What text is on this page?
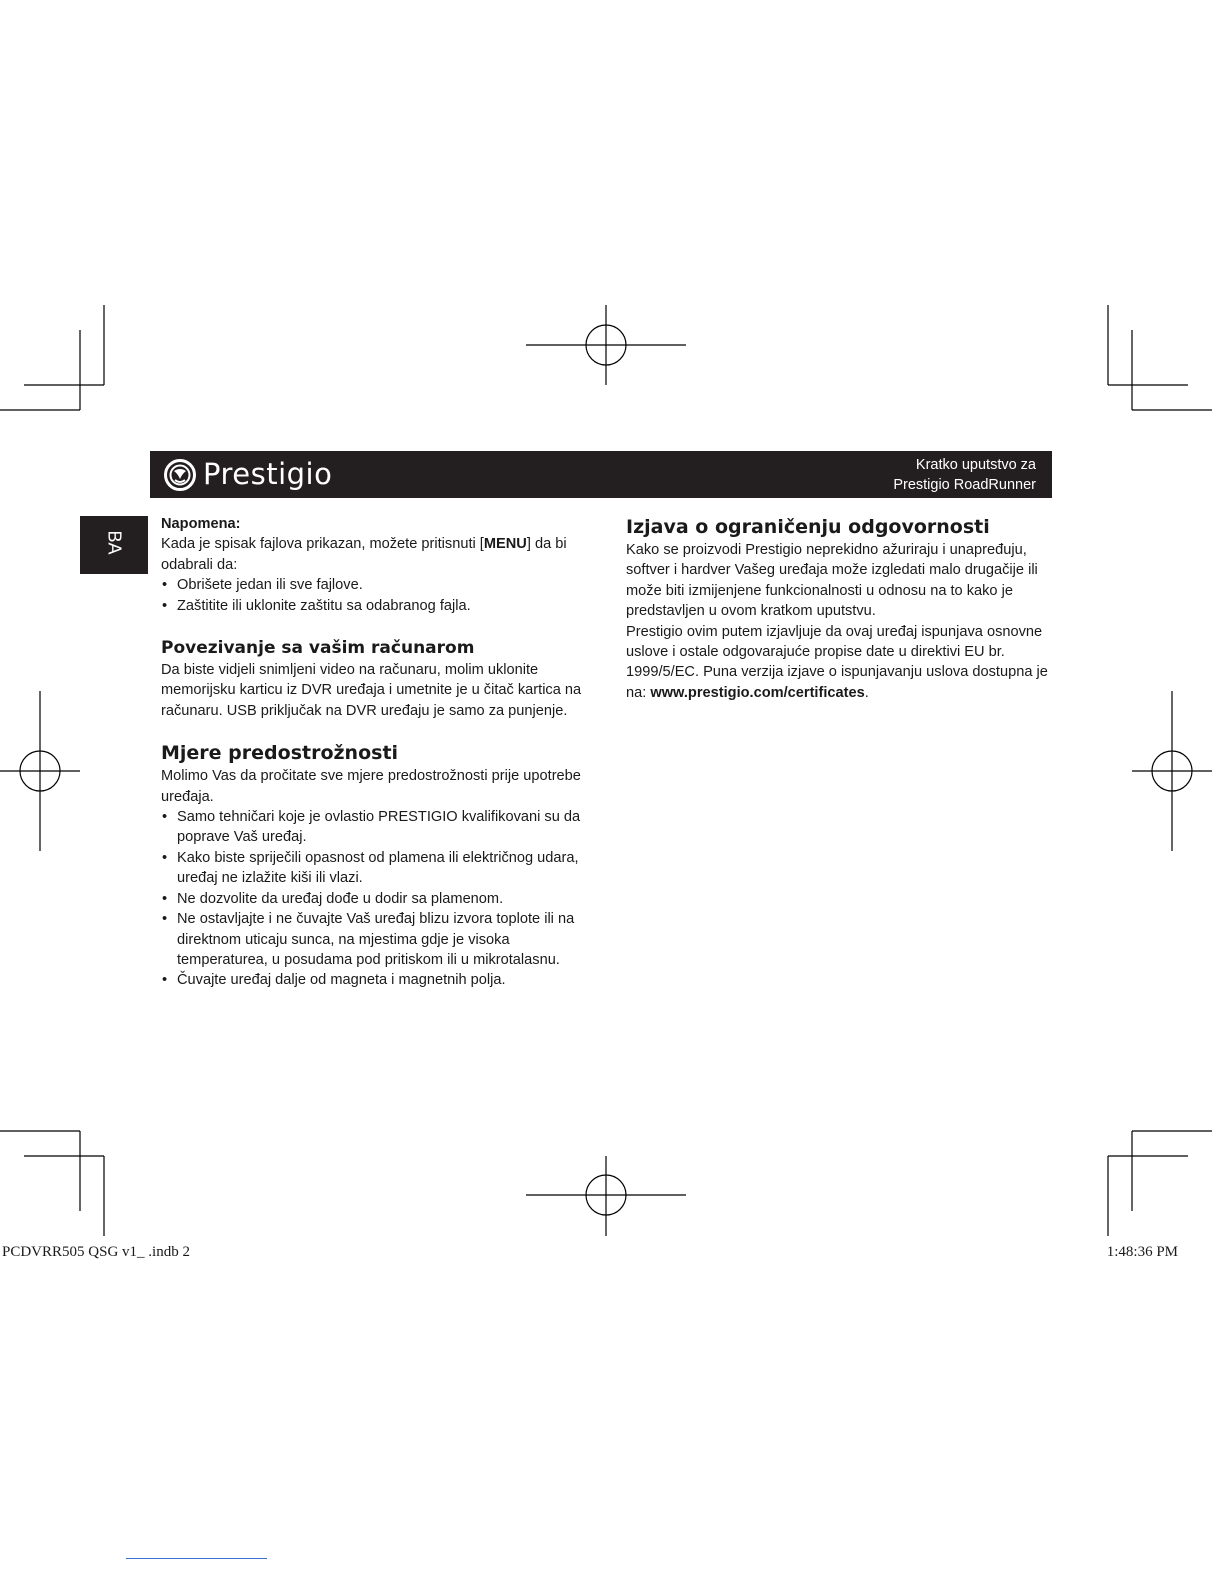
Prestigio	Kratko uputstvo za
Prestigio RoadRunner
BA
Napomena:

Kada je spisak fajlova prikazan, možete pritisnuti [MENU] da bi odabrali da:

• Obrišete jedan ili sve fajlove.
• Zaštitite ili uklonite zaštitu sa odabranog fajla.
Povezivanje sa vašim računarom

Da biste vidjeli snimljeni video na računaru, molim uklonite memorijsku karticu iz DVR uređaja i umetnite je u čitač kartica na računaru. USB priključak na DVR uređaju je samo za punjenje.

Mjere predostrožnosti

Molimo Vas da pročitate sve mjere predostrožnosti prije upotrebe uređaja.

• Samo tehničari koje je ovlastio PRESTIGIO kvalifikovani su da poprave Vaš uređaj.
• Kako biste spriječili opasnost od plamena ili električnog udara, uređaj ne izlažite kiši ili vlazi.
• Ne dozvolite da uređaj dođe u dodir sa plamenom.
• Ne ostavljajte i ne čuvajte Vaš uređaj blizu izvora toplote ili na direktnom uticaju sunca, na mjestima gdje je visoka temperaturea, u posudama pod pritiskom ili u mikrotalasnu.
• Čuvajte uređaj dalje od magneta i magnetnih polja.
Izjava o ograničenju odgovornosti

Kako se proizvodi Prestigio neprekidno ažuriraju i unapređuju, softver i hardver Vašeg uređaja može izgledati malo drugačije ili može biti izmijenjene funkcionalnosti u odnosu na to kako je predstavljen u ovom kratkom uputstvu.

Prestigio ovim putem izjavljuje da ovaj uređaj ispunjava osnovne uslove i ostale odgovarajuće propise date u direktivi EU br. 1999/5/EC. Puna verzija izjave o ispunjavanju uslova dostupna je na: www.prestigio.com/certificates.

PCDVRR505 QSG v1_ .indb 2	1:48:36 PM
